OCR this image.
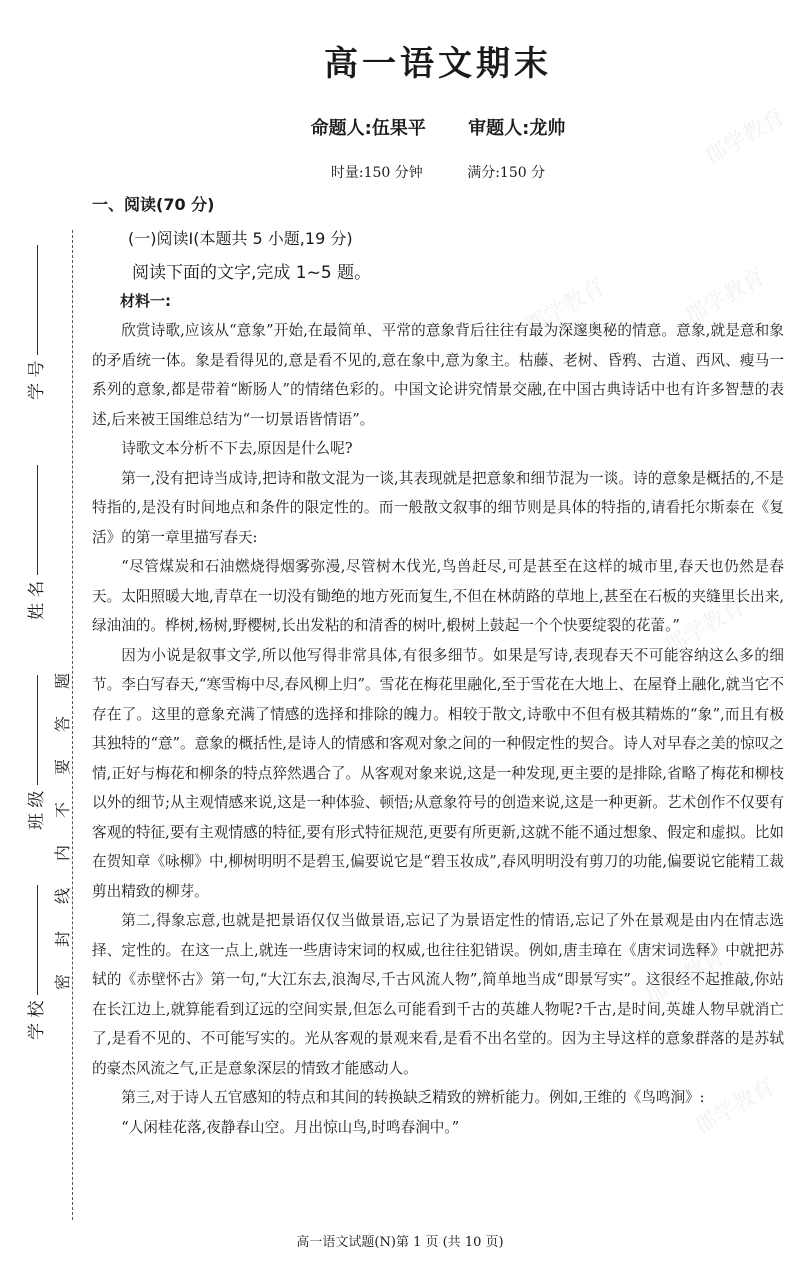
学 号
姓 名
班 级
学 校
密封线内不要答题
高一语文期末
命题人:伍果平 审题人:龙帅
时量:150 分钟	满分:150 分
一、阅读(70 分)
(一)阅读Ⅰ(本题共 5 小题,19 分)
阅读下面的文字,完成 1~5 题。
材料一:

欣赏诗歌,应该从“意象”开始,在最简单、平常的意象背后往往有最为深邃奥秘的情意。意象,就是意和象的矛盾统一体。象是看得见的,意是看不见的,意在象中,意为象主。枯藤、老树、昏鸦、古道、西风、瘦马一系列的意象,都是带着“断肠人”的情绪色彩的。中国文论讲究情景交融,在中国古典诗话中也有许多智慧的表述,后来被王国维总结为“一切景语皆情语”。

诗歌文本分析不下去,原因是什么呢?

第一,没有把诗当成诗,把诗和散文混为一谈,其表现就是把意象和细节混为一谈。诗的意象是概括的,不是特指的,是没有时间地点和条件的限定性的。而一般散文叙事的细节则是具体的特指的,请看托尔斯泰在《复活》的第一章里描写春天:

“尽管煤炭和石油燃烧得烟雾弥漫,尽管树木伐光,鸟兽赶尽,可是甚至在这样的城市里,春天也仍然是春天。太阳照暖大地,青草在一切没有锄绝的地方死而复生,不但在林荫路的草地上,甚至在石板的夹缝里长出来,绿油油的。桦树,杨树,野樱树,长出发粘的和清香的树叶,椴树上鼓起一个个快要绽裂的花蕾。”

因为小说是叙事文学,所以他写得非常具体,有很多细节。如果是写诗,表现春天不可能容纳这么多的细节。李白写春天,“寒雪梅中尽,春风柳上归”。雪花在梅花里融化,至于雪花在大地上、在屋脊上融化,就当它不存在了。这里的意象充满了情感的选择和排除的魄力。相较于散文,诗歌中不但有极其精炼的“象”,而且有极其独特的“意”。意象的概括性,是诗人的情感和客观对象之间的一种假定性的契合。诗人对早春之美的惊叹之情,正好与梅花和柳条的特点猝然遇合了。从客观对象来说,这是一种发现,更主要的是排除,省略了梅花和柳枝以外的细节;从主观情感来说,这是一种体验、顿悟;从意象符号的创造来说,这是一种更新。艺术创作不仅要有客观的特征,要有主观情感的特征,要有形式特征规范,更要有所更新,这就不能不通过想象、假定和虚拟。比如在贺知章《咏柳》中,柳树明明不是碧玉,偏要说它是“碧玉妆成”,春风明明没有剪刀的功能,偏要说它能精工裁剪出精致的柳芽。

第二,得象忘意,也就是把景语仅仅当做景语,忘记了为景语定性的情语,忘记了外在景观是由内在情志选择、定性的。在这一点上,就连一些唐诗宋词的权威,也往往犯错误。例如,唐圭璋在《唐宋词选释》中就把苏轼的《赤壁怀古》第一句,“大江东去,浪淘尽,千古风流人物”,简单地当成“即景写实”。这很经不起推敲,你站在长江边上,就算能看到辽远的空间实景,但怎么可能看到千古的英雄人物呢?千古,是时间,英雄人物早就消亡了,是看不见的、不可能写实的。光从客观的景观来看,是看不出名堂的。因为主导这样的意象群落的是苏轼的豪杰风流之气,正是意象深层的情致才能感动人。

第三,对于诗人五官感知的特点和其间的转换缺乏精致的辨析能力。例如,王维的《鸟鸣涧》:

“人闲桂花落,夜静春山空。月出惊山鸟,时鸣春涧中。”

郡学教育
郡学教育	郡学教育
郡学教育
郡学教育
郡学教育
高一语文试题(N)第 1 页 (共 10 页)
